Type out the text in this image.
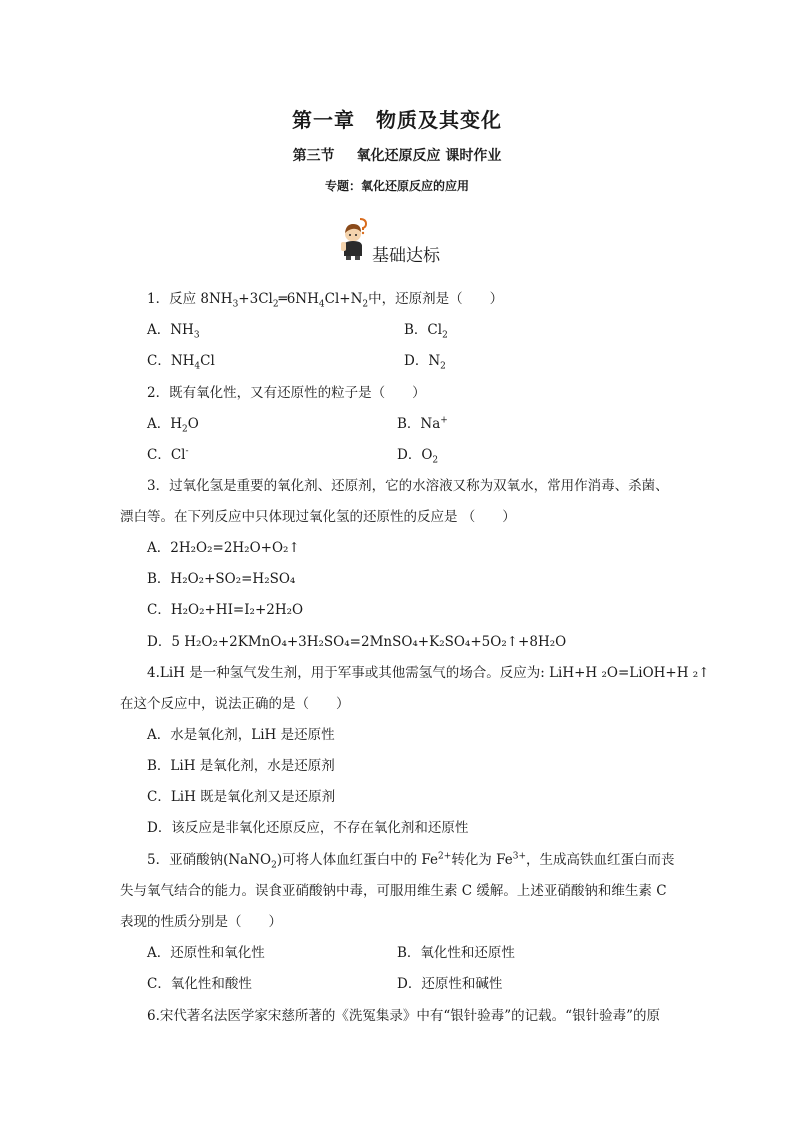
第一章　物质及其变化
第三节 氧化还原反应 课时作业
专题：氧化还原反应的应用
基础达标
1．反应 $8NH_3+3Cl_2═6NH_4Cl+N_2$中，还原剂是（　　）
A．$NH_3$	B．$Cl_2$
C．$NH_4Cl$	D．$N_2$
2．既有氧化性，又有还原性的粒子是（　　）
A．$H_2O$	B．Na+
C．Cl-	D．$O_2$
3．过氧化氢是重要的氧化剂、还原剂，它的水溶液又称为双氧水，常用作消毒、杀菌、
漂白等。在下列反应中只体现过氧化氢的还原性的反应是 （　　）
A．2H₂O₂=2H₂O+O₂↑
B．H₂O₂+SO₂=H₂SO₄
C．H₂O₂+HI=I₂+2H₂O
D．5 H₂O₂+2KMnO₄+3H₂SO₄=2MnSO₄+K₂SO₄+5O₂↑+8H₂O
4.LiH 是一种氢气发生剂，用于军事或其他需氢气的场合。反应为: LiH+H ₂O=LiOH+H ₂↑
在这个反应中，说法正确的是（　　）
A．水是氧化剂，LiH 是还原性
B．LiH 是氧化剂，水是还原剂
C．LiH 既是氧化剂又是还原剂
D．该反应是非氧化还原反应，不存在氧化剂和还原性
5．亚硝酸钠(NaNO$_2$)可将人体血红蛋白中的 $Fe^{2+}$转化为 $Fe^{3+}$，生成高铁血红蛋白而丧
失与氧气结合的能力。误食亚硝酸钠中毒，可服用维生素 C 缓解。上述亚硝酸钠和维生素 C
表现的性质分别是（　　）
A．还原性和氧化性	B．氧化性和还原性
C．氧化性和酸性	D．还原性和碱性
6.宋代著名法医学家宋慈所著的《洗冤集录》中有“银针验毒”的记载。“银针验毒”的原
